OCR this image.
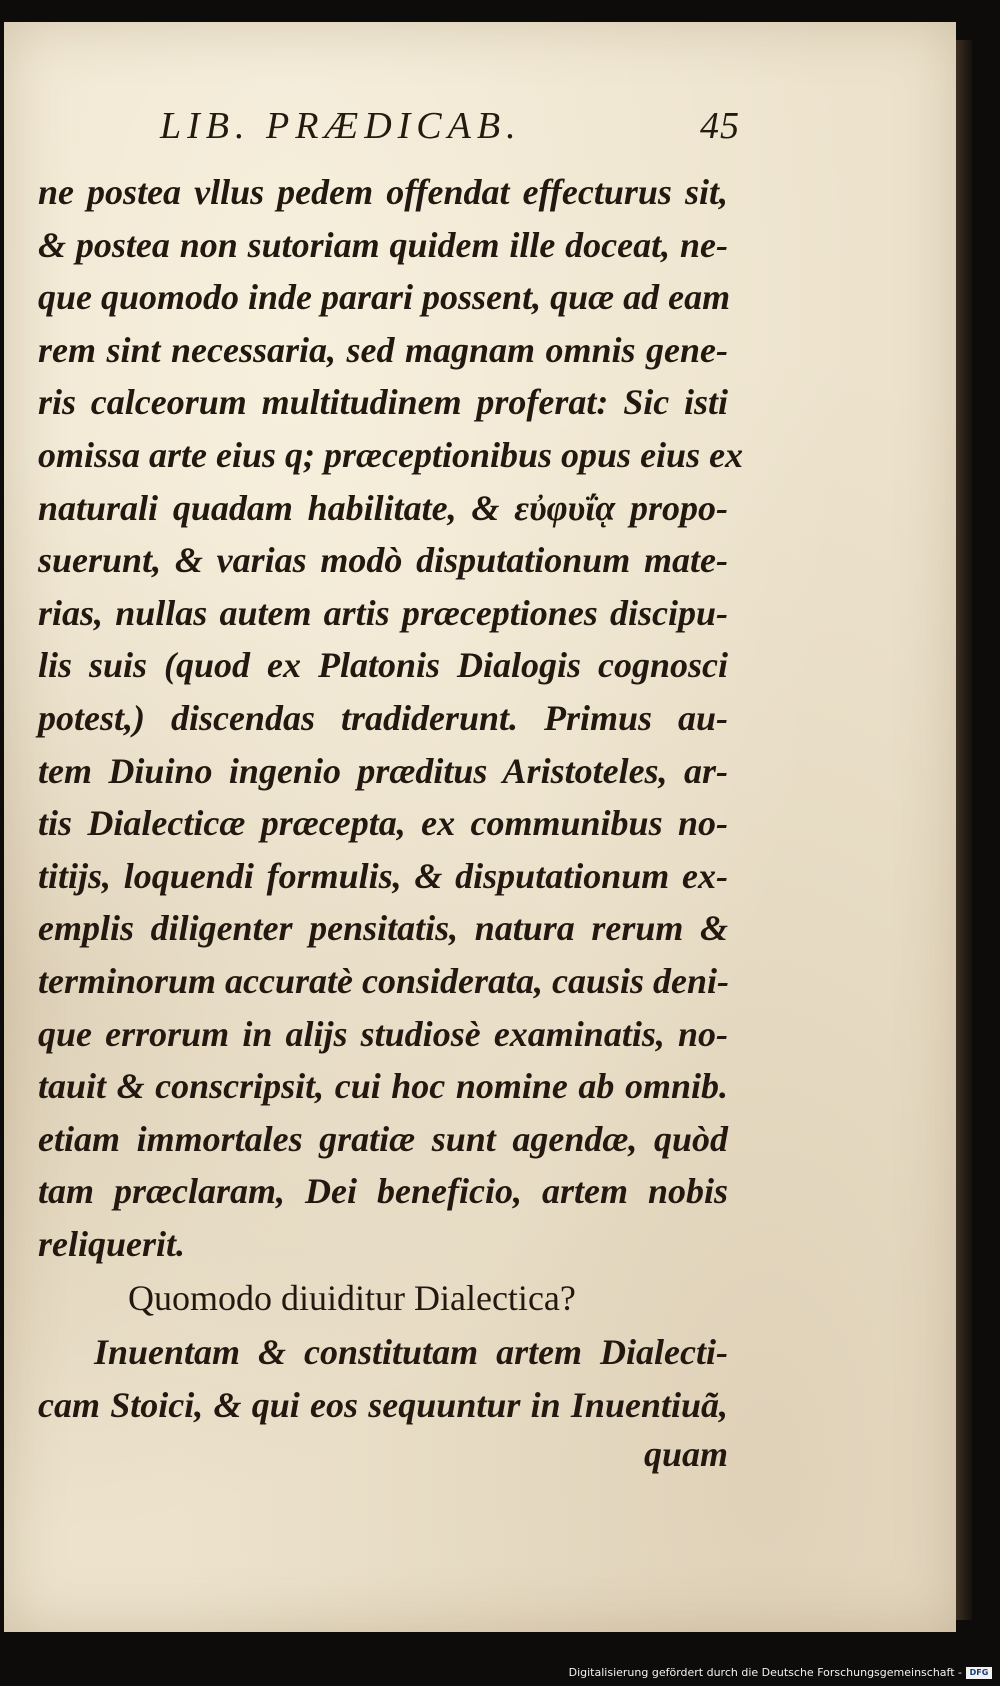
LIB. PRÆDICAB.	45
ne postea vllus pedem offendat effecturus sit,
& postea non sutoriam quidem ille doceat, ne-
que quomodo inde parari possent, quæ ad eam
rem sint necessaria, sed magnam omnis gene-
ris calceorum multitudinem proferat: Sic isti
omissa arte eius q; præceptionibus opus eius ex
naturali quadam habilitate, & εὐφυΐᾳ propo-
suerunt, & varias modò disputationum mate-
rias, nullas autem artis præceptiones discipu-
lis suis (quod ex Platonis Dialogis cognosci
potest,) discendas tradiderunt. Primus au-
tem Diuino ingenio præditus Aristoteles, ar-
tis Dialecticæ præcepta, ex communibus no-
titijs, loquendi formulis, & disputationum ex-
emplis diligenter pensitatis, natura rerum &
terminorum accuratè considerata, causis deni-
que errorum in alijs studiosè examinatis, no-
tauit & conscripsit, cui hoc nomine ab omnib.
etiam immortales gratiæ sunt agendæ, quòd
tam præclaram, Dei beneficio, artem nobis
reliquerit.
Quomodo diuiditur Dialectica?
Inuentam & constitutam artem Dialecti-
cam Stoici, & qui eos sequuntur in Inuentiuã,
quam
Digitalisierung gefördert durch die Deutsche Forschungsgemeinschaft - DFG
